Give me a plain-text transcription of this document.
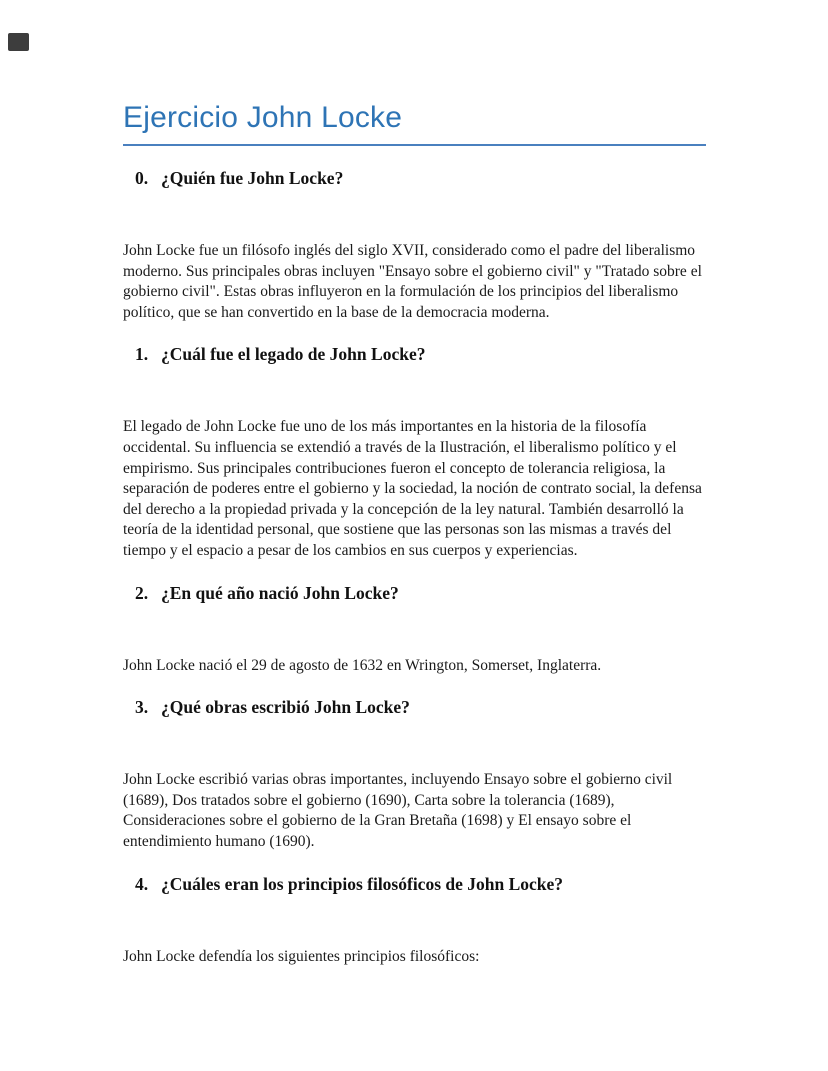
Ejercicio John Locke
0. ¿Quién fue John Locke?

John Locke fue un filósofo inglés del siglo XVII, considerado como el padre del liberalismo moderno. Sus principales obras incluyen "Ensayo sobre el gobierno civil" y "Tratado sobre el gobierno civil". Estas obras influyeron en la formulación de los principios del liberalismo político, que se han convertido en la base de la democracia moderna.

1. ¿Cuál fue el legado de John Locke?

El legado de John Locke fue uno de los más importantes en la historia de la filosofía occidental. Su influencia se extendió a través de la Ilustración, el liberalismo político y el empirismo. Sus principales contribuciones fueron el concepto de tolerancia religiosa, la separación de poderes entre el gobierno y la sociedad, la noción de contrato social, la defensa del derecho a la propiedad privada y la concepción de la ley natural. También desarrolló la teoría de la identidad personal, que sostiene que las personas son las mismas a través del tiempo y el espacio a pesar de los cambios en sus cuerpos y experiencias.

2. ¿En qué año nació John Locke?

John Locke nació el 29 de agosto de 1632 en Wrington, Somerset, Inglaterra.

3. ¿Qué obras escribió John Locke?

John Locke escribió varias obras importantes, incluyendo Ensayo sobre el gobierno civil (1689), Dos tratados sobre el gobierno (1690), Carta sobre la tolerancia (1689), Consideraciones sobre el gobierno de la Gran Bretaña (1698) y El ensayo sobre el entendimiento humano (1690).

4. ¿Cuáles eran los principios filosóficos de John Locke?

John Locke defendía los siguientes principios filosóficos:
